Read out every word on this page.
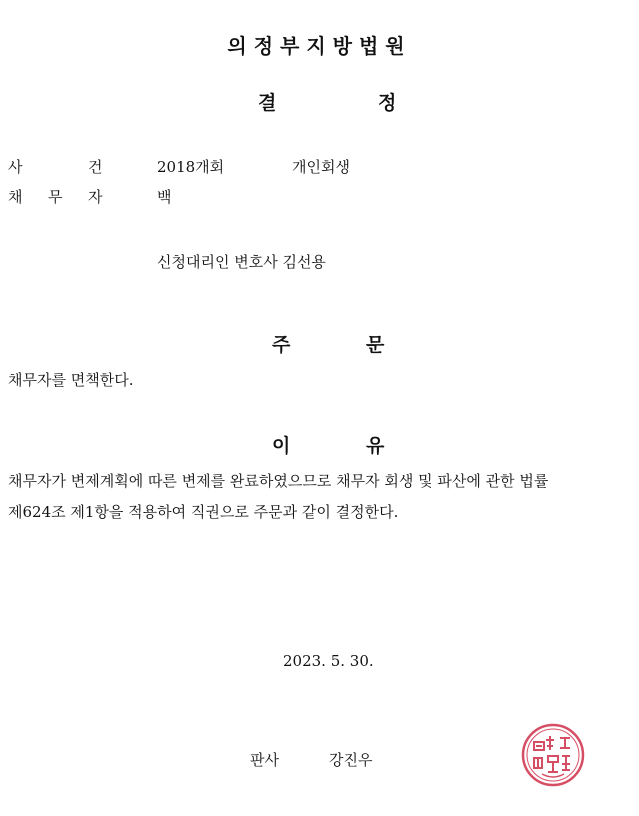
의정부지방법원
결	정
사	건	2018개회	개인회생
채 무 자	백
신청대리인 변호사 김선용
주	문
채무자를 면책한다.
이	유
채무자가 변제계획에 따른 변제를 완료하였으므로 채무자 회생 및 파산에 관한 법률
제624조 제1항을 적용하여 직권으로 주문과 같이 결정한다.
2023. 5. 30.
판사	강진우
